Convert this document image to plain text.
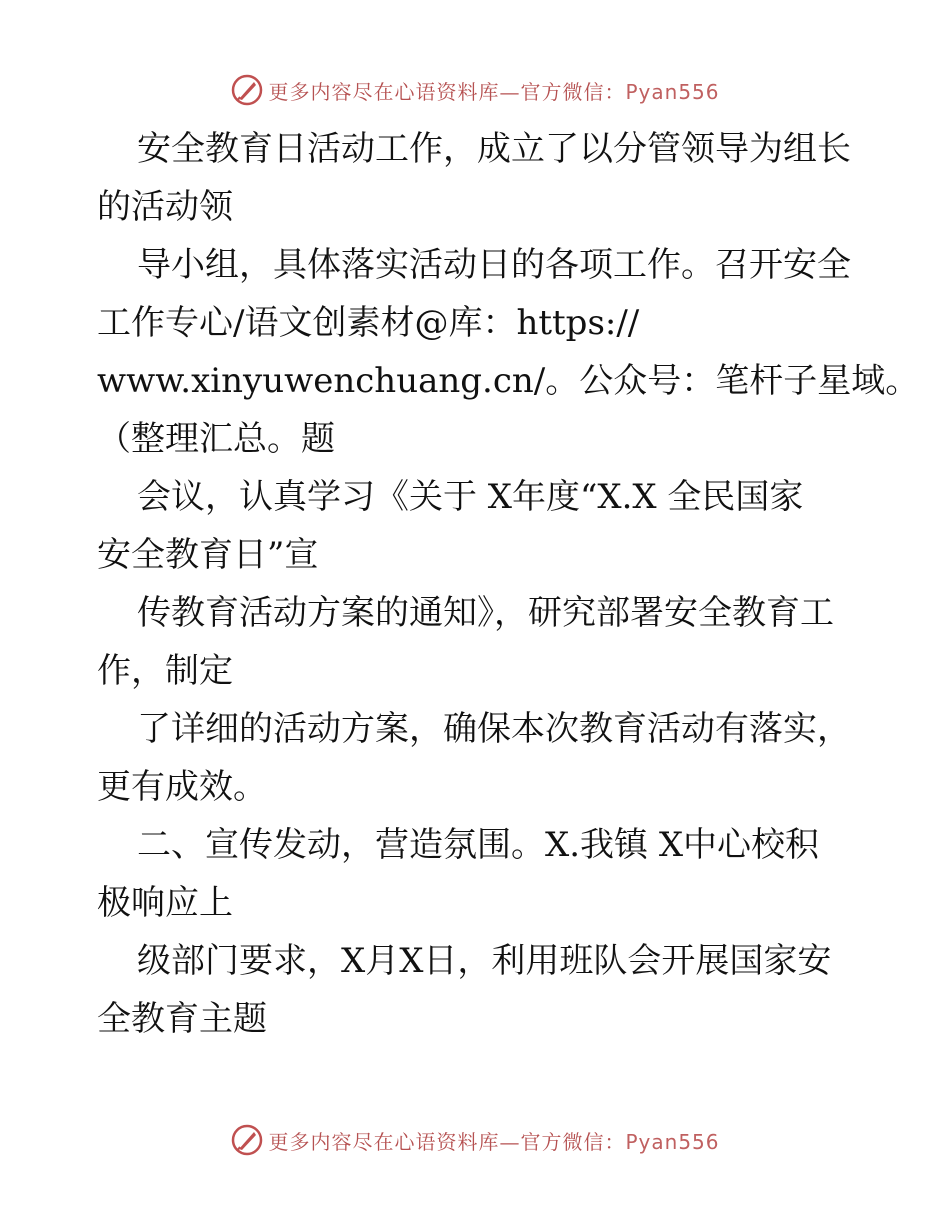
更多内容尽在心语资料库—官方微信：Pyan556
安全教育日活动工作，成立了以分管领导为组长
的活动领
导小组，具体落实活动日的各项工作。召开安全
工作专心/语文创素材@库：https://
www.xinyuwenchuang.cn/。公众号：笔杆子星域。
（整理汇总。题
会议，认真学习《关于 X年度“X.X 全民国家
安全教育日”宣
传教育活动方案的通知》，研究部署安全教育工
作，制定
了详细的活动方案，确保本次教育活动有落实，
更有成效。
二、宣传发动，营造氛围。X.我镇 X中心校积
极响应上
级部门要求，X月X日，利用班队会开展国家安
全教育主题
更多内容尽在心语资料库—官方微信：Pyan556
